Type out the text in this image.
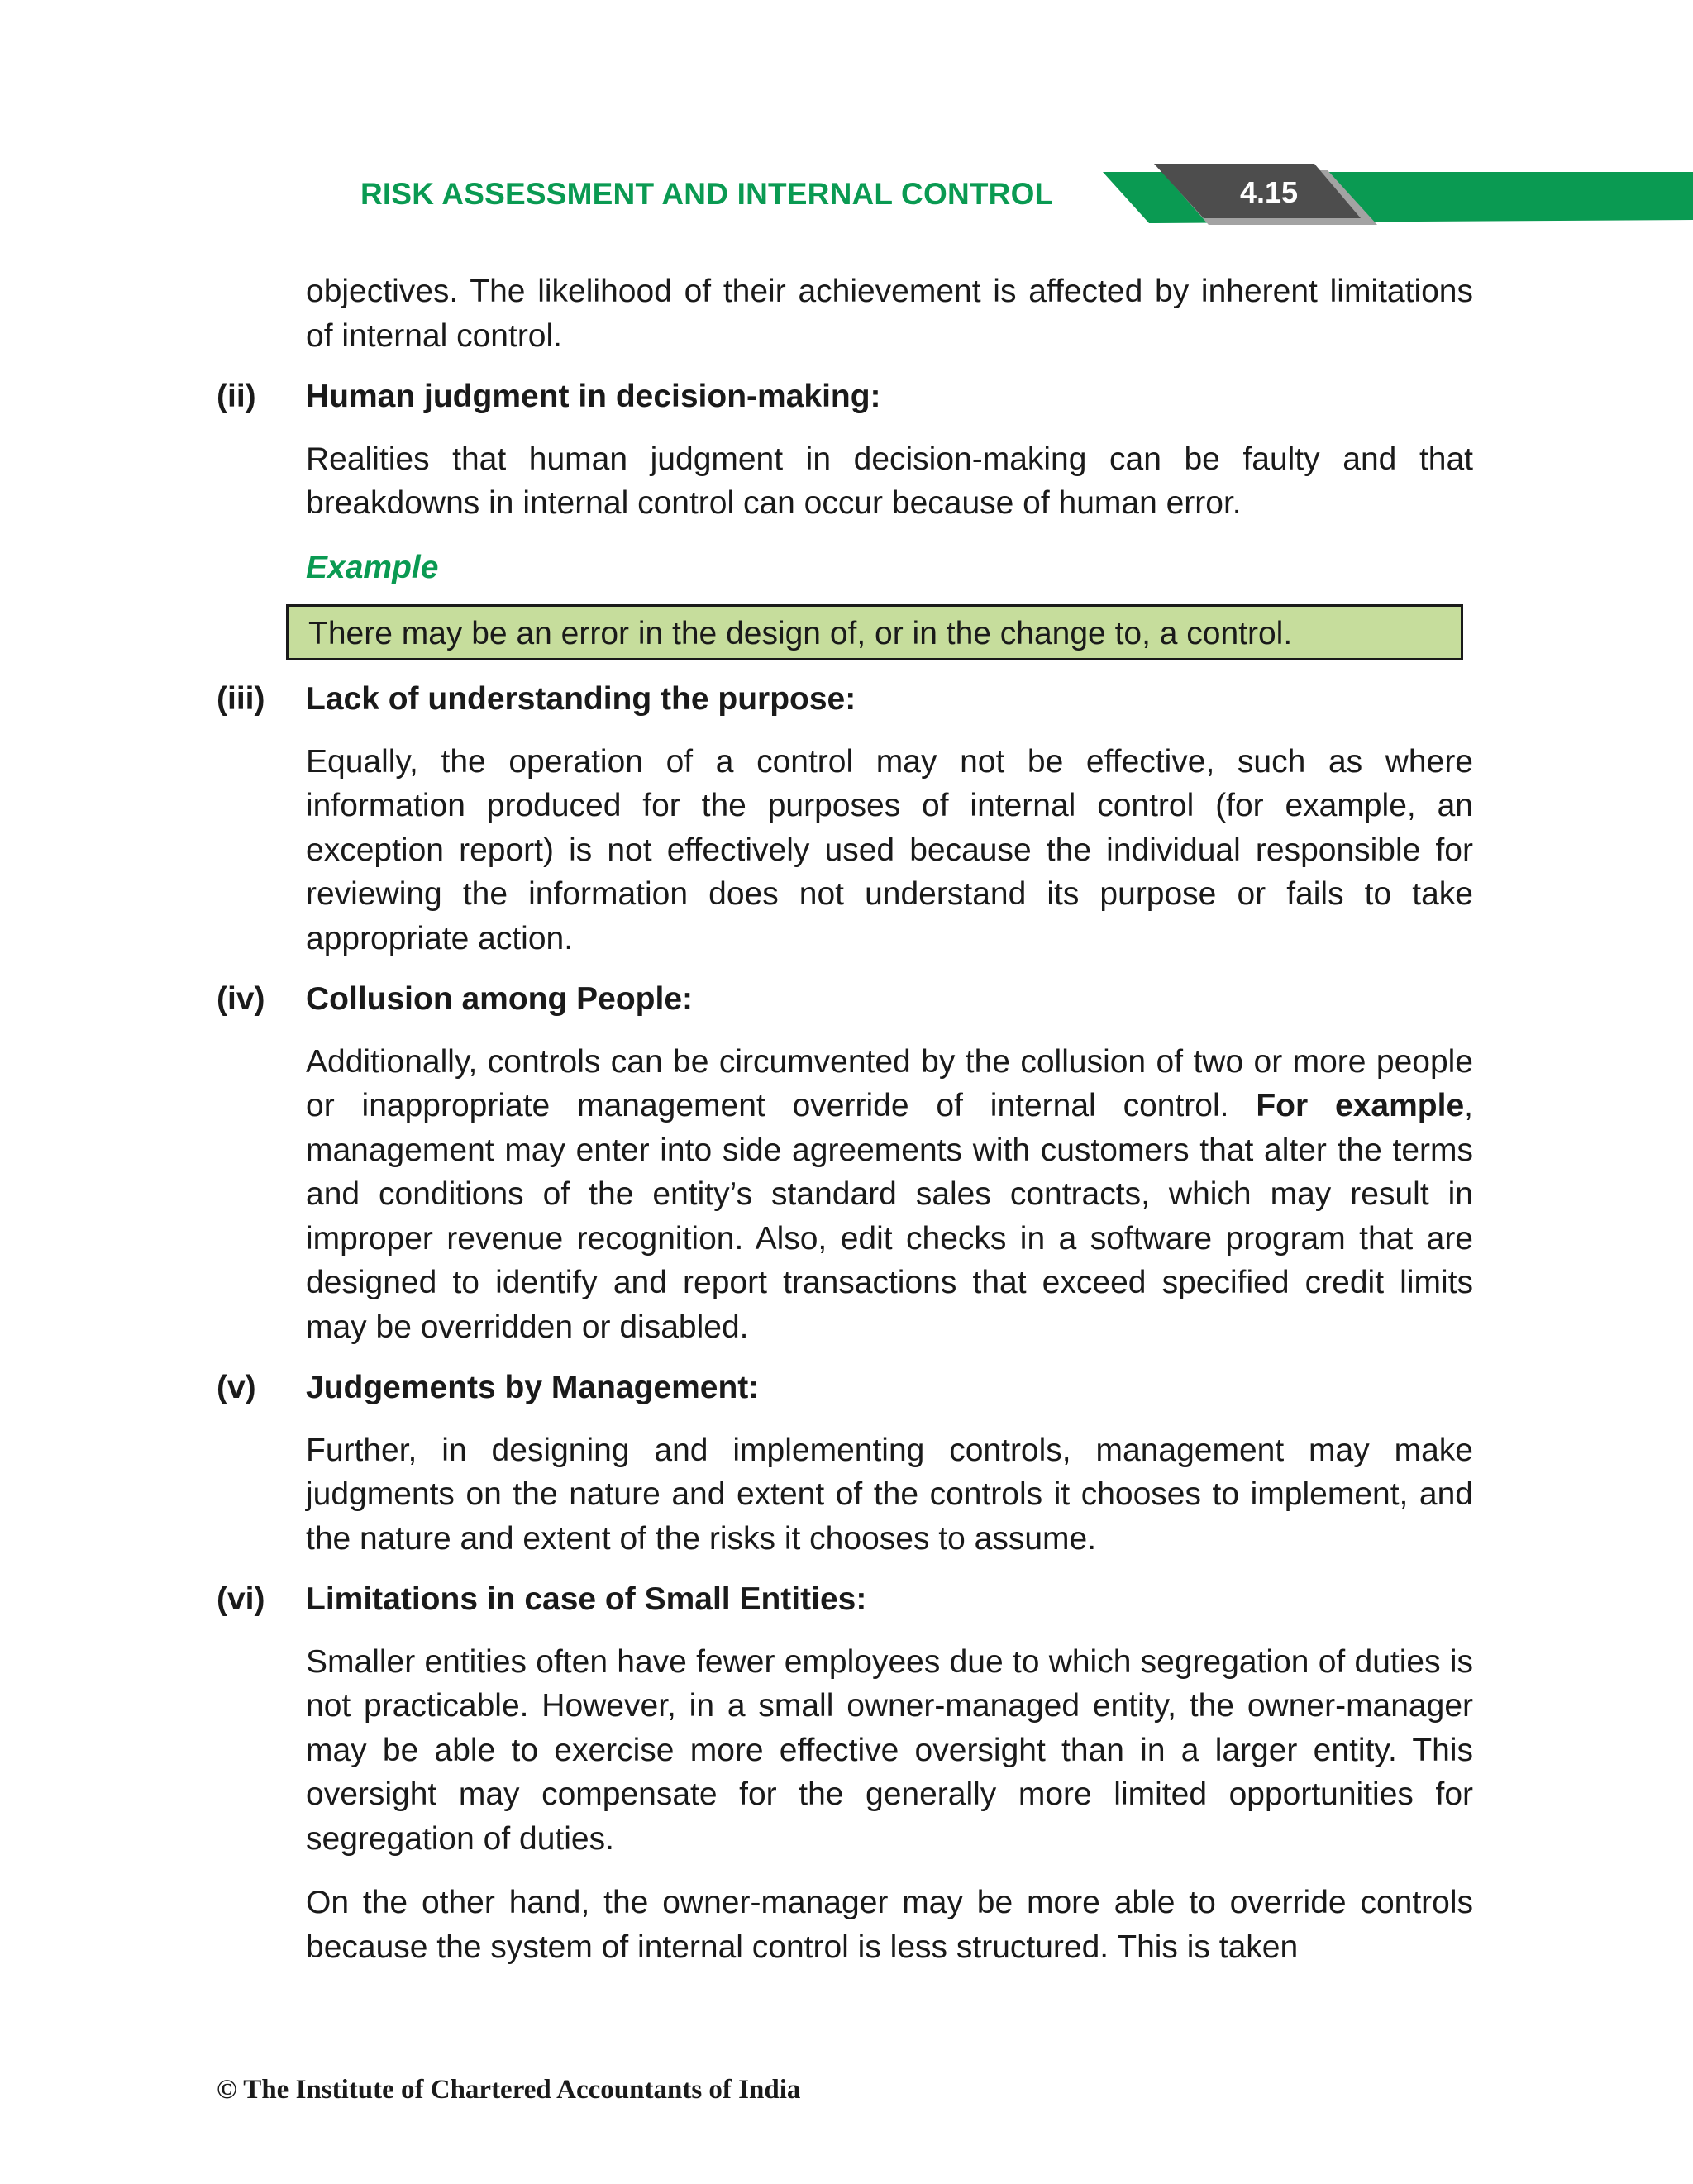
4.15
RISK ASSESSMENT AND INTERNAL CONTROL

objectives. The likelihood of their achievement is affected by inherent limitations of internal control.

(ii)	Human judgment in decision-making:

Realities that human judgment in decision-making can be faulty and that breakdowns in internal control can occur because of human error.

Example
There may be an error in the design of, or in the change to, a control.
(iii)	Lack of understanding the purpose:

Equally, the operation of a control may not be effective, such as where information produced for the purposes of internal control (for example, an exception report) is not effectively used because the individual responsible for reviewing the information does not understand its purpose or fails to take appropriate action.

(iv)	Collusion among People:

Additionally, controls can be circumvented by the collusion of two or more people or inappropriate management override of internal control. For example, management may enter into side agreements with customers that alter the terms and conditions of the entity’s standard sales contracts, which may result in improper revenue recognition. Also, edit checks in a software program that are designed to identify and report transactions that exceed specified credit limits may be overridden or disabled.

(v)	Judgements by Management:

Further, in designing and implementing controls, management may make judgments on the nature and extent of the controls it chooses to implement, and the nature and extent of the risks it chooses to assume.

(vi)	Limitations in case of Small Entities:

Smaller entities often have fewer employees due to which segregation of duties is not practicable. However, in a small owner-managed entity, the owner-manager may be able to exercise more effective oversight than in a larger entity. This oversight may compensate for the generally more limited opportunities for segregation of duties.

On the other hand, the owner-manager may be more able to override controls because the system of internal control is less structured. This is taken

© The Institute of Chartered Accountants of India
